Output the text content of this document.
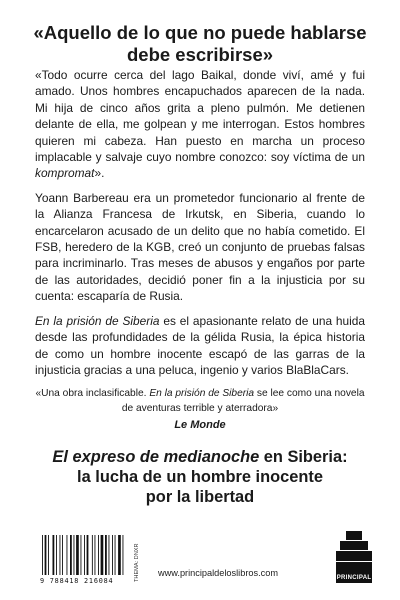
«Aquello de lo que no puede hablarse
debe escribirse»

«Todo ocurre cerca del lago Baikal, donde viví, amé y fui amado. Unos hombres encapuchados aparecen de la nada. Mi hija de cinco años grita a pleno pulmón. Me detienen delante de ella, me golpean y me interrogan. Estos hombres quieren mi cabeza. Han puesto en marcha un proceso implacable y salvaje cuyo nombre conozco: soy víctima de un kompromat».

Yoann Barbereau era un prometedor funcionario al frente de la Alianza Francesa de Irkutsk, en Siberia, cuando lo encarcelaron acusado de un delito que no había cometido. El FSB, heredero de la KGB, creó un conjunto de pruebas falsas para incriminarlo. Tras meses de abusos y engaños por parte de las autoridades, decidió poner fin a la injusticia por su cuenta: escaparía de Rusia.

En la prisión de Siberia es el apasionante relato de una huida desde las profundidades de la gélida Rusia, la épica historia de como un hombre inocente escapó de las garras de la injusticia gracias a una peluca, ingenio y varios BlaBlaCars.

«Una obra inclasificable. En la prisión de Siberia se lee como una novela de aventuras terrible y aterradora»
Le Monde
El expreso de medianoche en Siberia:
la lucha de un hombre inocente
por la libertad
9 788418 216084	THEMA: DNXR www.principaldeloslibros.com	PRINCIPAL
